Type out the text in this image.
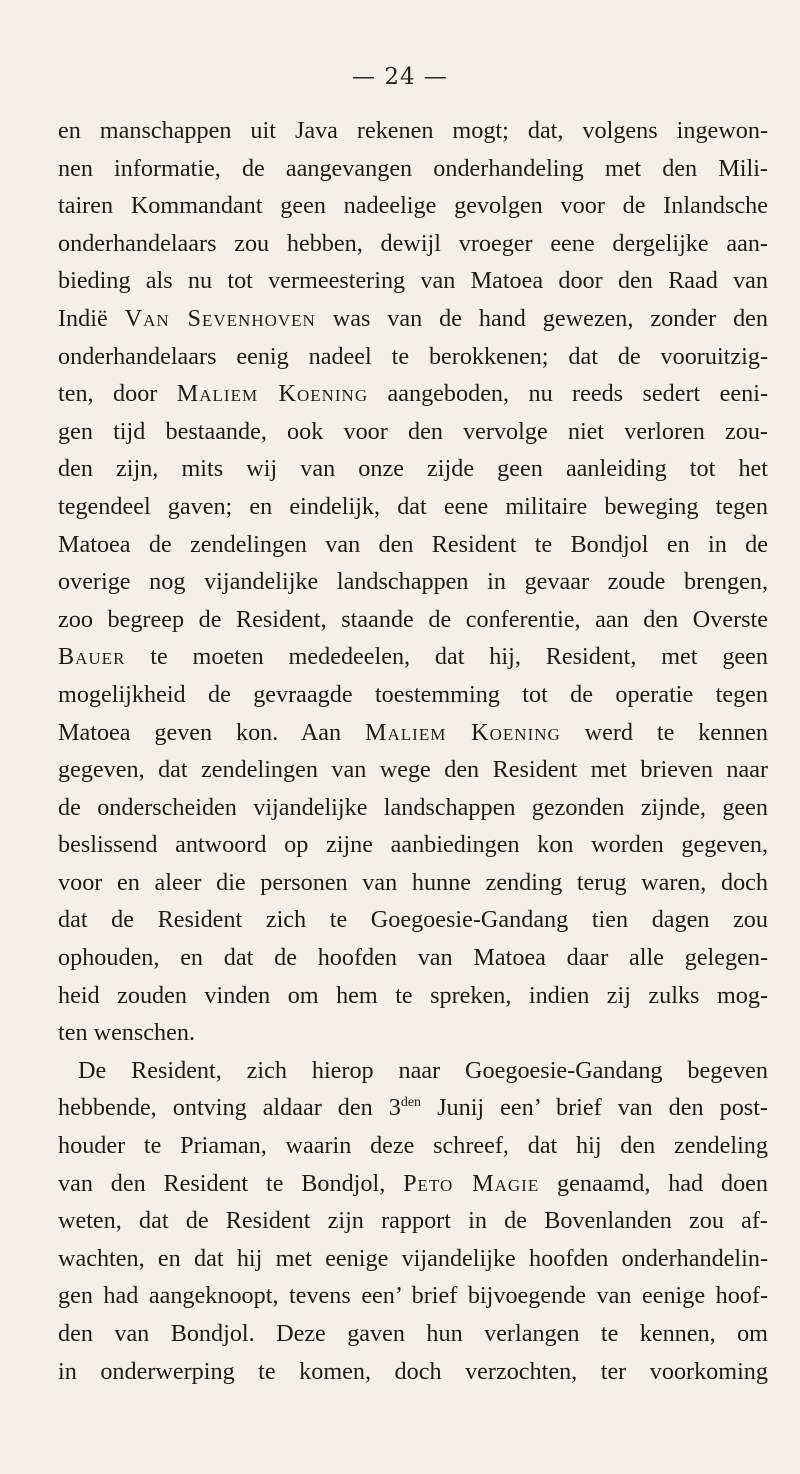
— 24 —
en manschappen uit Java rekenen mogt; dat, volgens ingewon-
nen informatie, de aangevangen onderhandeling met den Mili-
tairen Kommandant geen nadeelige gevolgen voor de Inlandsche
onderhandelaars zou hebben, dewijl vroeger eene dergelijke aan-
bieding als nu tot vermeestering van Matoea door den Raad van
Indië Van Sevenhoven was van de hand gewezen, zonder den
onderhandelaars eenig nadeel te berokkenen; dat de vooruitzig-
ten, door Maliem Koening aangeboden, nu reeds sedert eeni-
gen tijd bestaande, ook voor den vervolge niet verloren zou-
den zijn, mits wij van onze zijde geen aanleiding tot het
tegendeel gaven; en eindelijk, dat eene militaire beweging tegen
Matoea de zendelingen van den Resident te Bondjol en in de
overige nog vijandelijke landschappen in gevaar zoude brengen,
zoo begreep de Resident, staande de conferentie, aan den Overste
Bauer te moeten mededeelen, dat hij, Resident, met geen
mogelijkheid de gevraagde toestemming tot de operatie tegen
Matoea geven kon. Aan Maliem Koening werd te kennen
gegeven, dat zendelingen van wege den Resident met brieven naar
de onderscheiden vijandelijke landschappen gezonden zijnde, geen
beslissend antwoord op zijne aanbiedingen kon worden gegeven,
voor en aleer die personen van hunne zending terug waren, doch
dat de Resident zich te Goegoesie-Gandang tien dagen zou
ophouden, en dat de hoofden van Matoea daar alle gelegen-
heid zouden vinden om hem te spreken, indien zij zulks mog-
ten wenschen.
De Resident, zich hierop naar Goegoesie-Gandang begeven
hebbende, ontving aldaar den $3^{den}$ Junij een’ brief van den post-
houder te Priaman, waarin deze schreef, dat hij den zendeling
van den Resident te Bondjol, Peto Magie genaamd, had doen
weten, dat de Resident zijn rapport in de Bovenlanden zou af-
wachten, en dat hij met eenige vijandelijke hoofden onderhandelin-
gen had aangeknoopt, tevens een’ brief bijvoegende van eenige hoof-
den van Bondjol. Deze gaven hun verlangen te kennen, om
in onderwerping te komen, doch verzochten, ter voorkoming
